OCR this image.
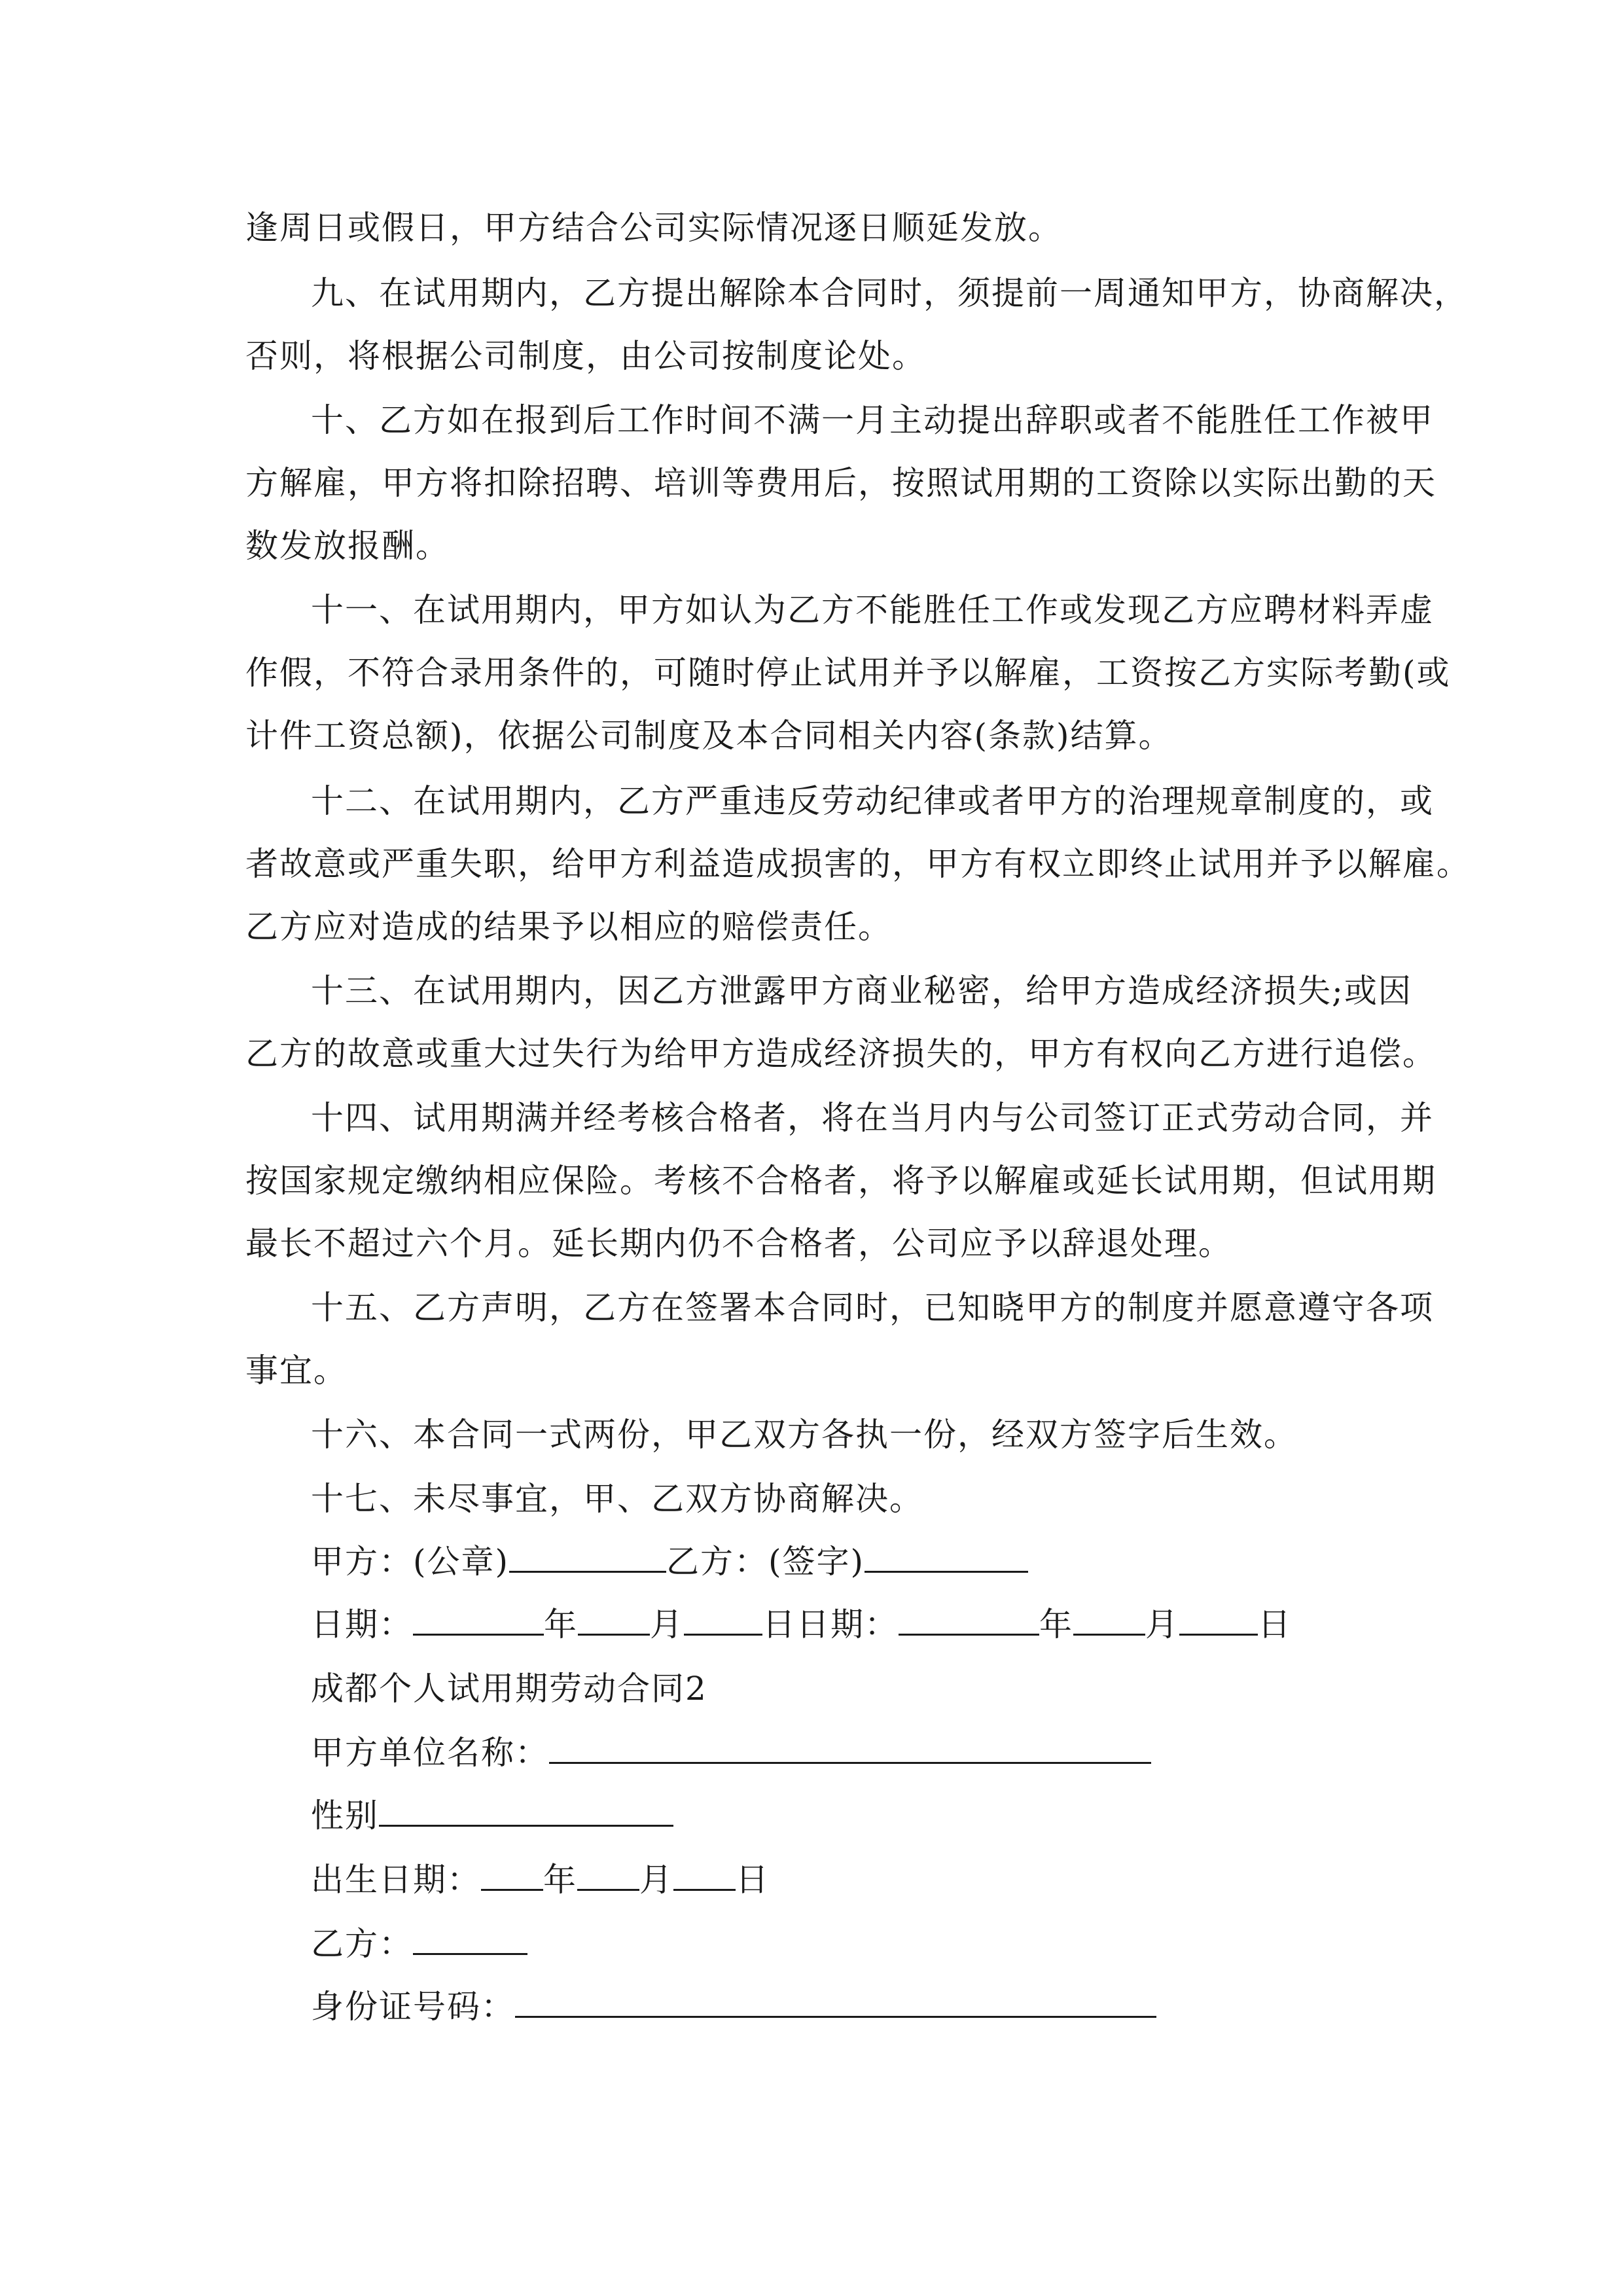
逢周日或假日，甲方结合公司实际情况逐日顺延发放。
九、在试用期内，乙方提出解除本合同时，须提前一周通知甲方，协商解决，
否则，将根据公司制度，由公司按制度论处。
十、乙方如在报到后工作时间不满一月主动提出辞职或者不能胜任工作被甲
方解雇，甲方将扣除招聘、培训等费用后，按照试用期的工资除以实际出勤的天
数发放报酬。
十一、在试用期内，甲方如认为乙方不能胜任工作或发现乙方应聘材料弄虚
作假，不符合录用条件的，可随时停止试用并予以解雇，工资按乙方实际考勤(或
计件工资总额)，依据公司制度及本合同相关内容(条款)结算。
十二、在试用期内，乙方严重违反劳动纪律或者甲方的治理规章制度的，或
者故意或严重失职，给甲方利益造成损害的，甲方有权立即终止试用并予以解雇。
乙方应对造成的结果予以相应的赔偿责任。
十三、在试用期内，因乙方泄露甲方商业秘密，给甲方造成经济损失;或因
乙方的故意或重大过失行为给甲方造成经济损失的，甲方有权向乙方进行追偿。
十四、试用期满并经考核合格者，将在当月内与公司签订正式劳动合同，并
按国家规定缴纳相应保险。考核不合格者，将予以解雇或延长试用期，但试用期
最长不超过六个月。延长期内仍不合格者，公司应予以辞退处理。
十五、乙方声明，乙方在签署本合同时，已知晓甲方的制度并愿意遵守各项
事宜。
十六、本合同一式两份，甲乙双方各执一份，经双方签字后生效。
十七、未尽事宜，甲、乙双方协商解决。
甲方：(公章)	乙方：(签字)
日期：	年 月 日日期：	年 月 日
成都个人试用期劳动合同2
甲方单位名称：
性别
出生日期： 年 月 日
乙方：
身份证号码：
